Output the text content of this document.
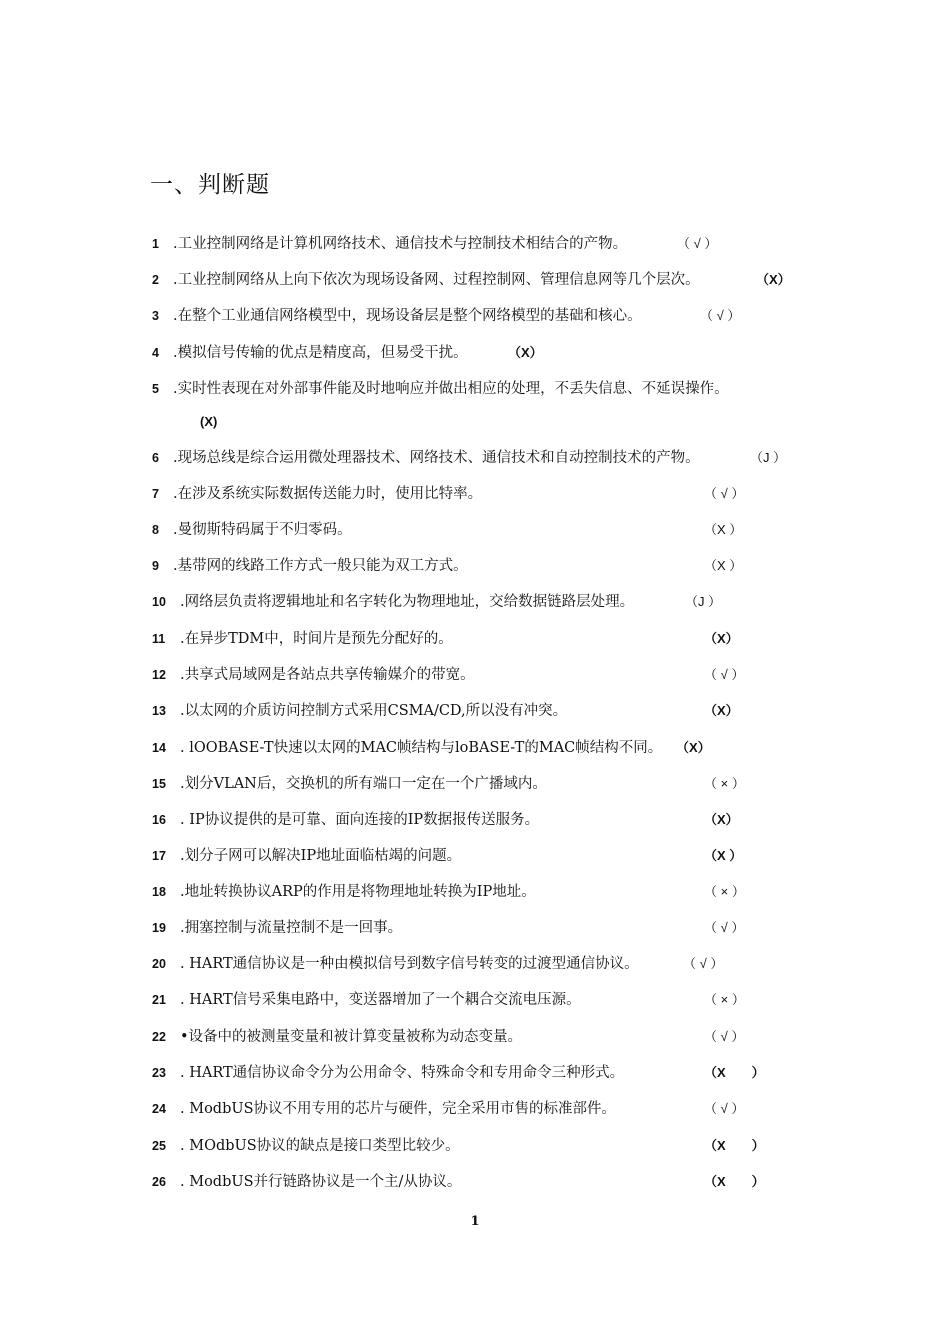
一、判断题
1 .工业控制网络是计算机网络技术、通信技术与控制技术相结合的产物。	（ √ ）
2 .工业控制网络从上向下依次为现场设备网、过程控制网、管理信息网等几个层次。	（X）
3 .在整个工业通信网络模型中，现场设备层是整个网络模型的基础和核心。	（ √ ）
4 .模拟信号传输的优点是精度高，但易受干扰。	（X）
5 .实时性表现在对外部事件能及时地响应并做出相应的处理，不丢失信息、不延误操作。
(X)
6 .现场总线是综合运用微处理器技术、网络技术、通信技术和自动控制技术的产物。	（J ）
7 .在涉及系统实际数据传送能力时，使用比特率。	（ √ ）
8 .曼彻斯特码属于不归零码。	（X ）
9 .基带网的线路工作方式一般只能为双工方式。	（X ）
10 .网络层负责将逻辑地址和名字转化为物理地址，交给数据链路层处理。	（J ）
11 .在异步TDM中，时间片是预先分配好的。	（X）
12 .共享式局域网是各站点共享传输媒介的带宽。	（ √ ）
13 .以太网的介质访问控制方式采用CSMA/CD,所以没有冲突。	（X）
14 . lOOBASE-T快速以太网的MAC帧结构与loBASE-T的MAC帧结构不同。 （X）
15 .划分VLAN后，交换机的所有端口一定在一个广播域内。	（ × ）
16 . IP协议提供的是可靠、面向连接的IP数据报传送服务。	（X）
17 .划分子网可以解决IP地址面临枯竭的问题。	（X ）
18 .地址转换协议ARP的作用是将物理地址转换为IP地址。	（ × ）
19 .拥塞控制与流量控制不是一回事。	（ √ ）
20 . HART通信协议是一种由模拟信号到数字信号转变的过渡型通信协议。	（ √ ）
21 . HART信号采集电路中，变送器增加了一个耦合交流电压源。	（ × ）
22 •设备中的被测量变量和被计算变量被称为动态变量。	（ √ ）
23 . HART通信协议命令分为公用命令、特殊命令和专用命令三种形式。	（X　　）
24 . ModbUS协议不用专用的芯片与硬件，完全采用市售的标准部件。	（ √ ）
25 . MOdbUS协议的缺点是接口类型比较少。	（X　　）
26 . ModbUS并行链路协议是一个主/从协议。	（X　　）
1
